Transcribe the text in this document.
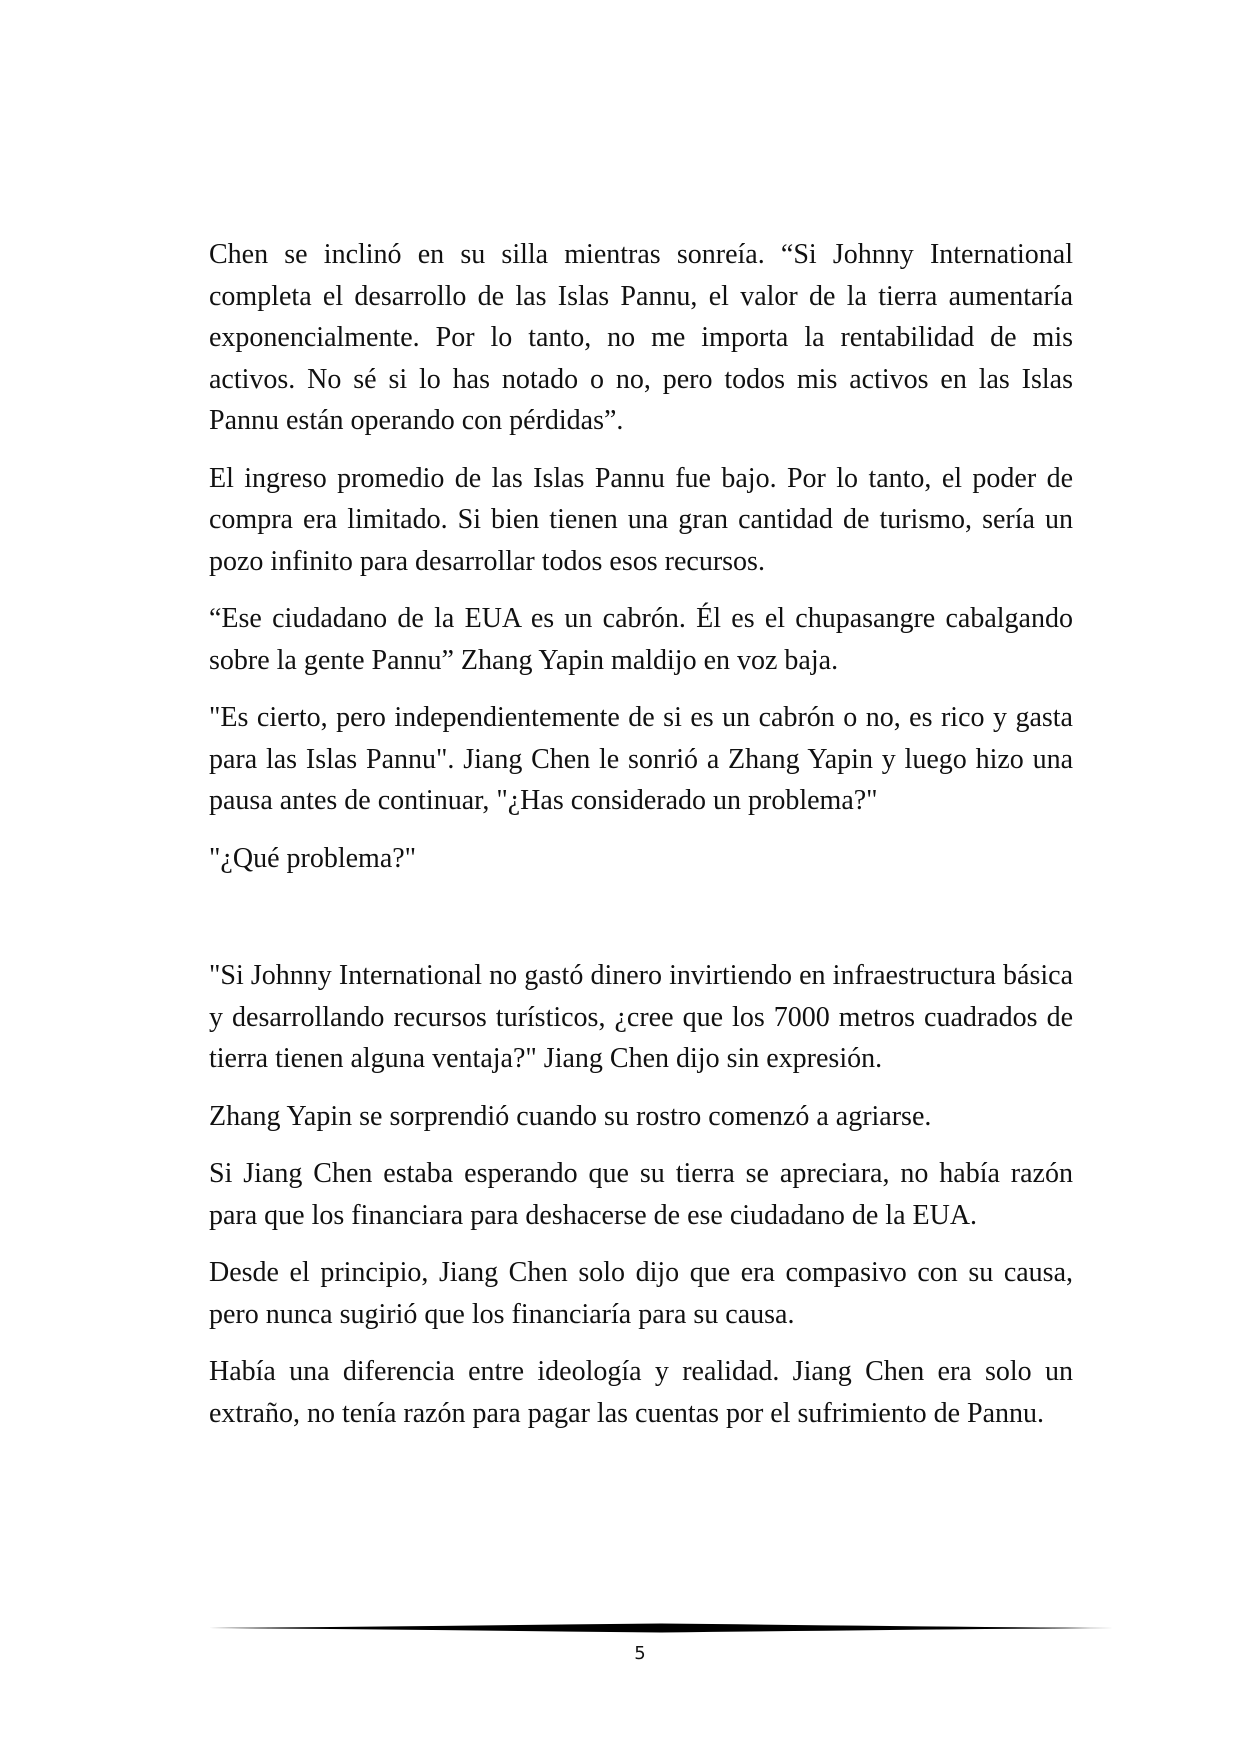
Chen se inclinó en su silla mientras sonreía. “Si Johnny International completa el desarrollo de las Islas Pannu, el valor de la tierra aumentaría exponencialmente. Por lo tanto, no me importa la rentabilidad de mis activos. No sé si lo has notado o no, pero todos mis activos en las Islas Pannu están operando con pérdidas”.

El ingreso promedio de las Islas Pannu fue bajo. Por lo tanto, el poder de compra era limitado. Si bien tienen una gran cantidad de turismo, sería un pozo infinito para desarrollar todos esos recursos.

“Ese ciudadano de la EUA es un cabrón. Él es el chupasangre cabalgando sobre la gente Pannu” Zhang Yapin maldijo en voz baja.

"Es cierto, pero independientemente de si es un cabrón o no, es rico y gasta para las Islas Pannu". Jiang Chen le sonrió a Zhang Yapin y luego hizo una pausa antes de continuar, "¿Has considerado un problema?"

"¿Qué problema?"

"Si Johnny International no gastó dinero invirtiendo en infraestructura básica y desarrollando recursos turísticos, ¿cree que los 7000 metros cuadrados de tierra tienen alguna ventaja?" Jiang Chen dijo sin expresión.

Zhang Yapin se sorprendió cuando su rostro comenzó a agriarse.

Si Jiang Chen estaba esperando que su tierra se apreciara, no había razón para que los financiara para deshacerse de ese ciudadano de la EUA.

Desde el principio, Jiang Chen solo dijo que era compasivo con su causa, pero nunca sugirió que los financiaría para su causa.

Había una diferencia entre ideología y realidad. Jiang Chen era solo un extraño, no tenía razón para pagar las cuentas por el sufrimiento de Pannu.

5
